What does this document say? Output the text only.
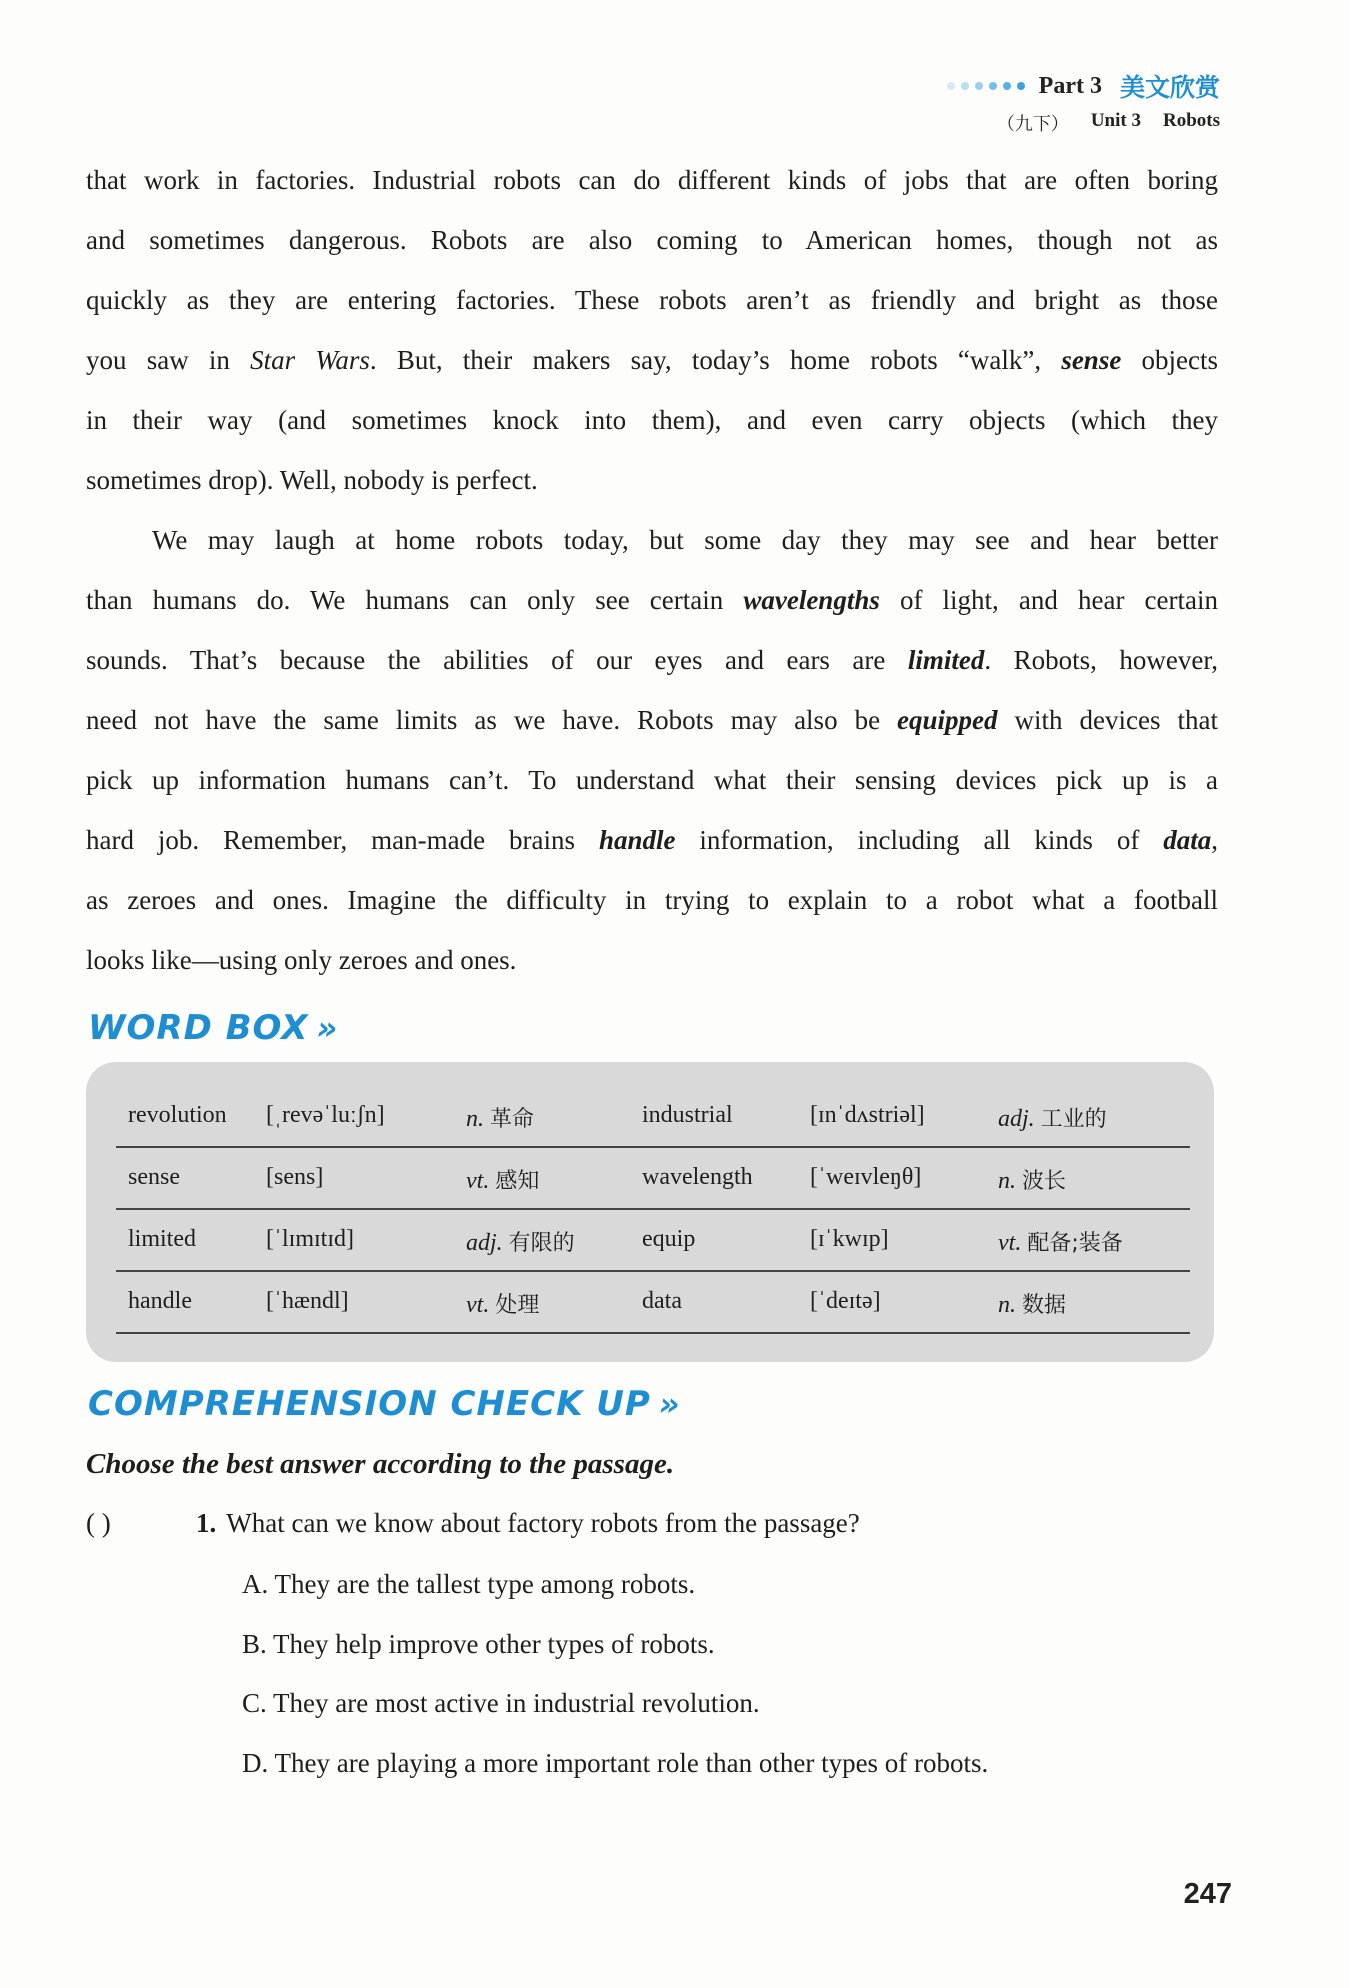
Part 3 美文欣赏
（九下） Unit 3 Robots
that work in factories. Industrial robots can do different kinds of jobs that are often boring
and sometimes dangerous. Robots are also coming to American homes, though not as
quickly as they are entering factories. These robots aren’t as friendly and bright as those
you saw in Star Wars. But, their makers say, today’s home robots “walk”, sense objects
in their way (and sometimes knock into them), and even carry objects (which they
sometimes drop). Well, nobody is perfect.
We may laugh at home robots today, but some day they may see and hear better
than humans do. We humans can only see certain wavelengths of light, and hear certain
sounds. That’s because the abilities of our eyes and ears are limited. Robots, however,
need not have the same limits as we have. Robots may also be equipped with devices that
pick up information humans can’t. To understand what their sensing devices pick up is a
hard job. Remember, man-made brains handle information, including all kinds of data,
as zeroes and ones. Imagine the difficulty in trying to explain to a robot what a football
looks like—using only zeroes and ones.
WORD BOX »
revolution [ˌrevəˈluːʃn]	n. 革命	industrial	[ɪnˈdʌstriəl]	adj. 工业的
sense	[sens]	vt. 感知	wavelength [ˈweɪvleŋθ]	n. 波长
limited	[ˈlɪmɪtɪd]	adj. 有限的	equip	[ɪˈkwɪp]	vt. 配备;装备
handle	[ˈhændl]	vt. 处理	data	[ˈdeɪtə]	n. 数据
COMPREHENSION CHECK UP »
Choose the best answer according to the passage.
( )	1. What can we know about factory robots from the passage?
A. They are the tallest type among robots.
B. They help improve other types of robots.
C. They are most active in industrial revolution.
D. They are playing a more important role than other types of robots.
247
